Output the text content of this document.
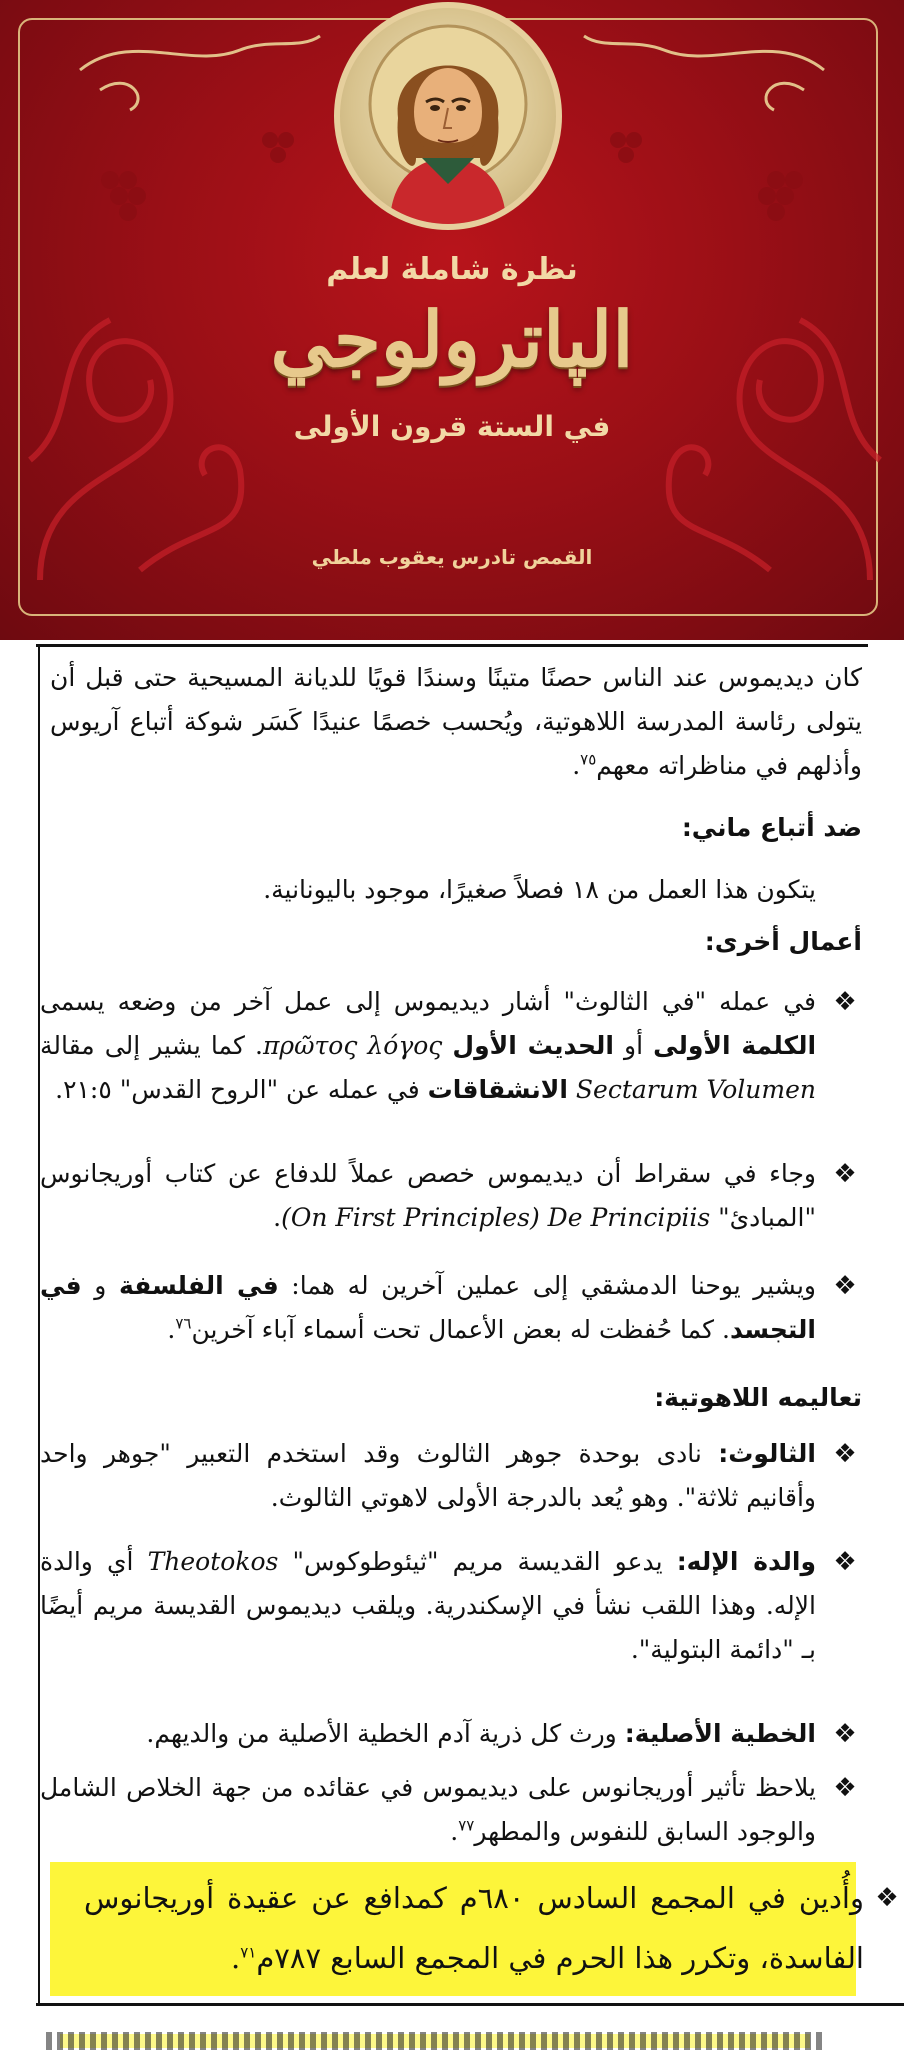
نظرة شاملة لعلم
الپاترولوجي
في الستة قرون الأولى
القمص تادرس يعقوب ملطي

كان ديديموس عند الناس حصنًا متينًا وسندًا قويًا للديانة المسيحية حتى قبل أن يتولى رئاسة المدرسة اللاهوتية، ويُحسب خصمًا عنيدًا كَسَر شوكة أتباع آريوس وأذلهم في مناظراته معهم$^{٧٥}$.

ضد أتباع ماني:

يتكون هذا العمل من ١٨ فصلاً صغيرًا، موجود باليونانية.

أعمال أخرى:
❖
في عمله "في الثالوث" أشار ديديموس إلى عمل آخر من وضعه يسمى الكلمة الأولى أو الحديث الأول πρῶτος λόγος. كما يشير إلى مقالة Sectarum Volumen الانشقاقات في عمله عن "الروح القدس" ٢١:٥.
❖
وجاء في سقراط أن ديديموس خصص عملاً للدفاع عن كتاب أوريجانوس "المبادئ" (On First Principles) De Principiis.
❖
ويشير يوحنا الدمشقي إلى عملين آخرين له هما: في الفلسفة و في التجسد. كما حُفظت له بعض الأعمال تحت أسماء آباء آخرين$^{٧٦}$.
تعاليمه اللاهوتية:
❖
الثالوث: نادى بوحدة جوهر الثالوث وقد استخدم التعبير "جوهر واحد وأقانيم ثلاثة". وهو يُعد بالدرجة الأولى لاهوتي الثالوث.
❖
والدة الإله: يدعو القديسة مريم "ثيئوطوكوس" Theotokos أي والدة الإله. وهذا اللقب نشأ في الإسكندرية. ويلقب ديديموس القديسة مريم أيضًا بـ "دائمة البتولية".
❖
الخطية الأصلية: ورث كل ذرية آدم الخطية الأصلية من والديهم.
❖
يلاحظ تأثير أوريجانوس على ديديموس في عقائده من جهة الخلاص الشامل والوجود السابق للنفوس والمطهر$^{٧٧}$.
❖
وأُدين في المجمع السادس ٦٨٠م كمدافع عن عقيدة أوريجانوس الفاسدة، وتكرر هذا الحرم في المجمع السابع ٧٨٧م$^{٧١}$.
